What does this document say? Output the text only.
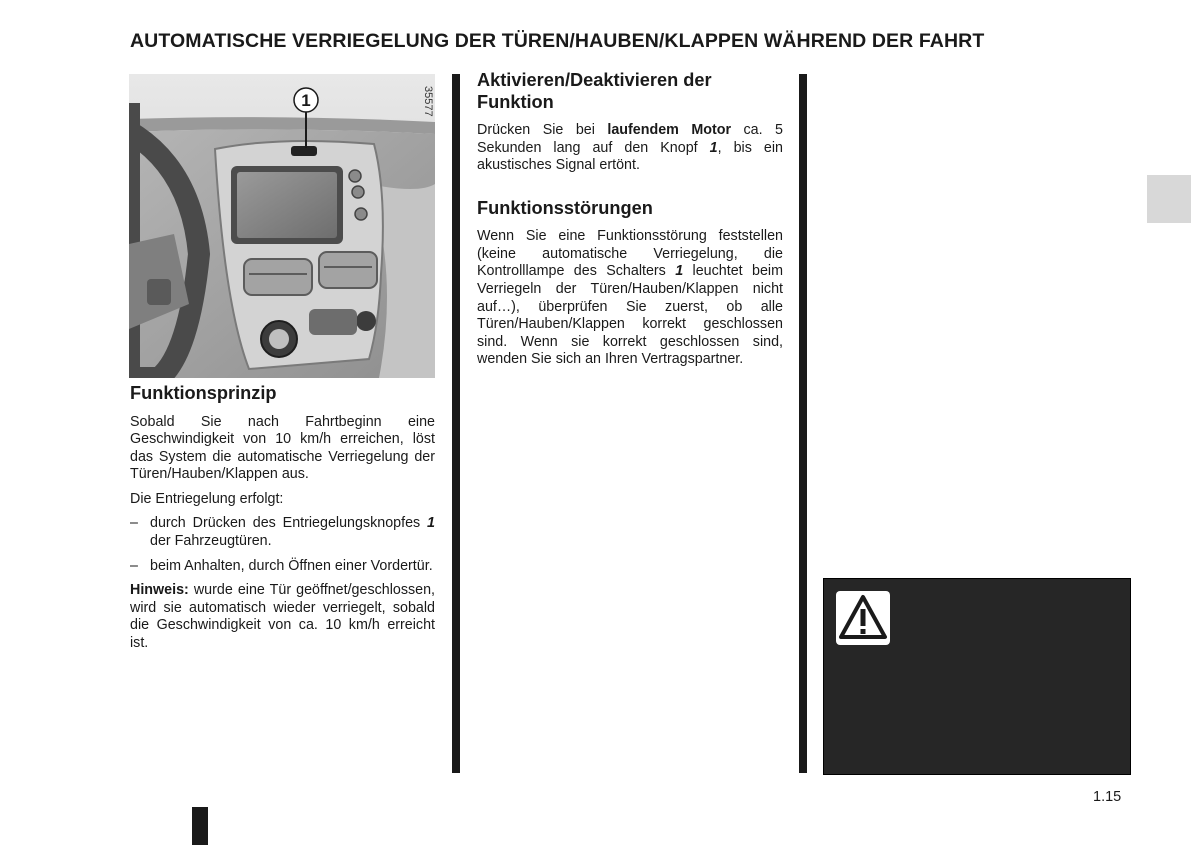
AUTOMATISCHE VERRIEGELUNG DER TÜREN/HAUBEN/KLAPPEN WÄHREND DER FAHRT
1	35577
Funktionsprinzip

Sobald Sie nach Fahrtbeginn eine Geschwindigkeit von 10 km/h erreichen, löst das System die automatische Verriegelung der Türen/Hauben/Klappen aus.

Die Entriegelung erfolgt:

– durch Drücken des Entriegelungsknopfes 1 der Fahrzeugtüren.
– beim Anhalten, durch Öffnen einer Vordertür.

Hinweis: wurde eine Tür geöffnet/geschlossen, wird sie automatisch wieder verriegelt, sobald die Geschwindigkeit von ca. 10 km/h erreicht ist.

Aktivieren/Deaktivieren der Funktion

Drücken Sie bei laufendem Motor ca. 5 Sekunden lang auf den Knopf 1, bis ein akustisches Signal ertönt.

Funktionsstörungen

Wenn Sie eine Funktionsstörung feststellen (keine automatische Verriegelung, die Kontrolllampe des Schalters 1 leuchtet beim Verriegeln der Türen/Hauben/Klappen nicht auf…), überprüfen Sie zuerst, ob alle Türen/Hauben/Klappen korrekt geschlossen sind. Wenn sie korrekt geschlossen sind, wenden Sie sich an Ihren Vertragspartner.

1.15
